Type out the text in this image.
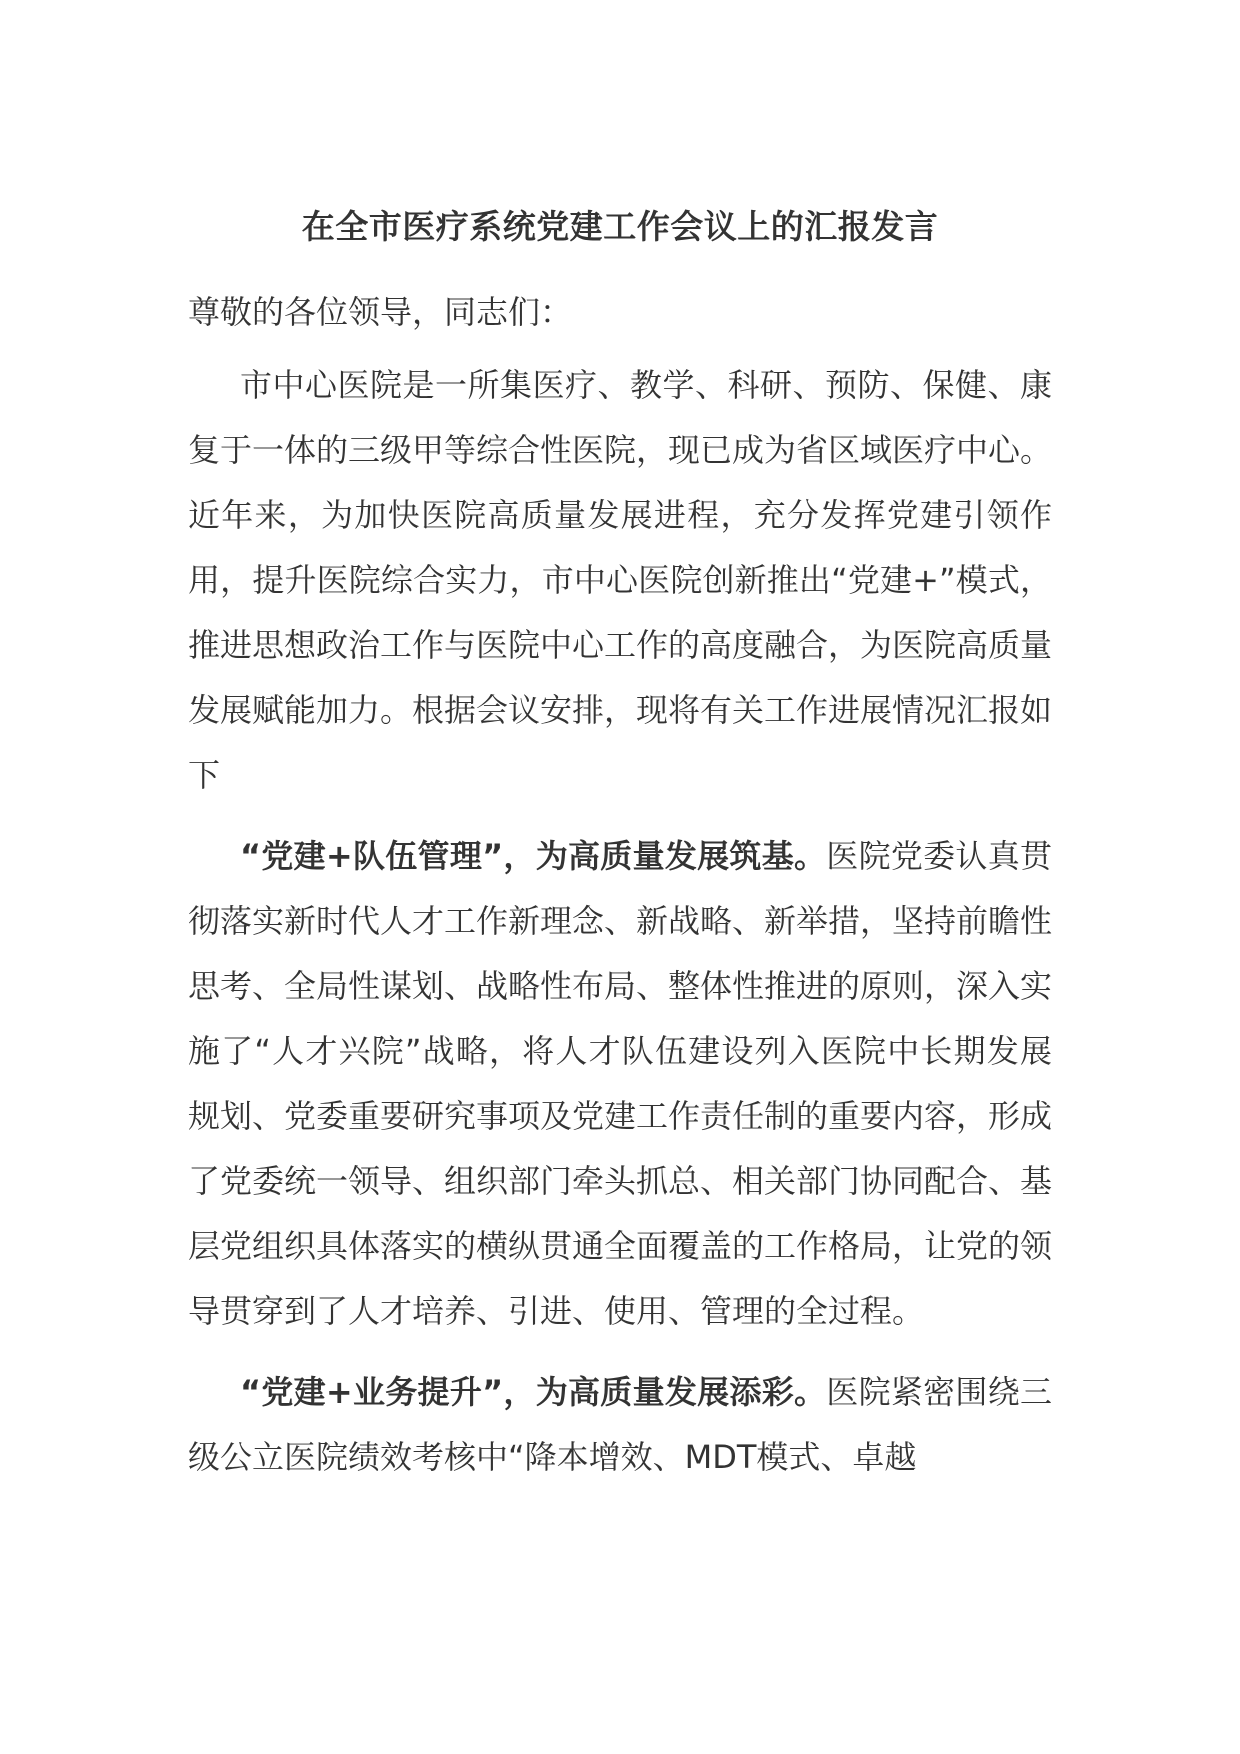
在全市医疗系统党建工作会议上的汇报发言

尊敬的各位领导，同志们：

市中心医院是一所集医疗、教学、科研、预防、保健、康复于一体的三级甲等综合性医院，现已成为省区域医疗中心。近年来，为加快医院高质量发展进程，充分发挥党建引领作用，提升医院综合实力，市中心医院创新推出“党建+”模式，推进思想政治工作与医院中心工作的高度融合，为医院高质量发展赋能加力。根据会议安排，现将有关工作进展情况汇报如下

“党建+队伍管理”，为高质量发展筑基。医院党委认真贯彻落实新时代人才工作新理念、新战略、新举措，坚持前瞻性思考、全局性谋划、战略性布局、整体性推进的原则，深入实施了“人才兴院”战略，将人才队伍建设列入医院中长期发展规划、党委重要研究事项及党建工作责任制的重要内容，形成了党委统一领导、组织部门牵头抓总、相关部门协同配合、基层党组织具体落实的横纵贯通全面覆盖的工作格局，让党的领导贯穿到了人才培养、引进、使用、管理的全过程。

“党建+业务提升”，为高质量发展添彩。医院紧密围绕三级公立医院绩效考核中“降本增效、MDT模式、卓越
